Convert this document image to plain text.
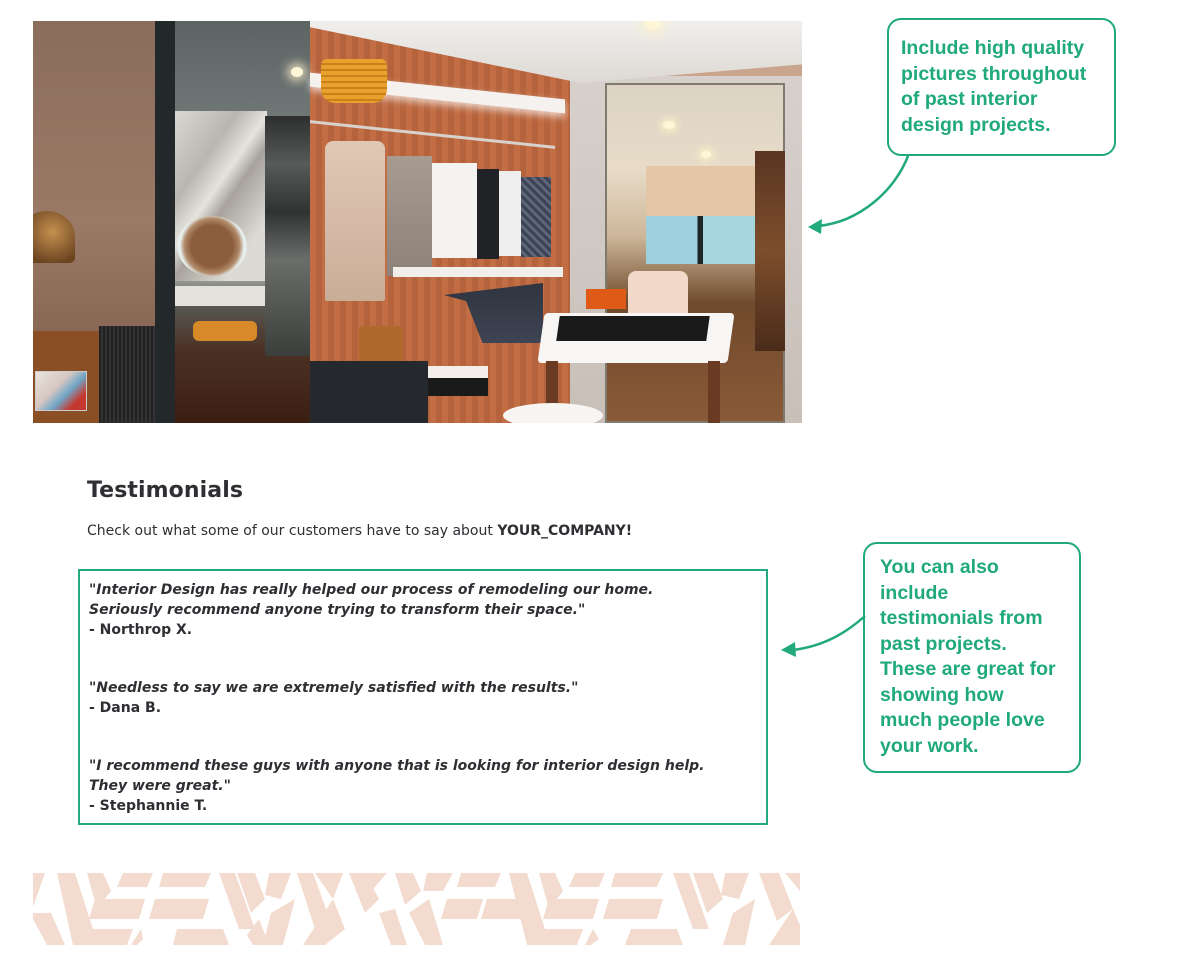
Include high quality
pictures throughout
of past interior
design projects.
Testimonials
Check out what some of our customers have to say about YOUR_COMPANY!
"Interior Design has really helped our process of remodeling our home.
Seriously recommend anyone trying to transform their space."
- Northrop X.
"Needless to say we are extremely satisfied with the results."
- Dana B.
"I recommend these guys with anyone that is looking for interior design help.
They were great."
- Stephannie T.
You can also
include
testimonials from
past projects.
These are great for
showing how
much people love
your work.
